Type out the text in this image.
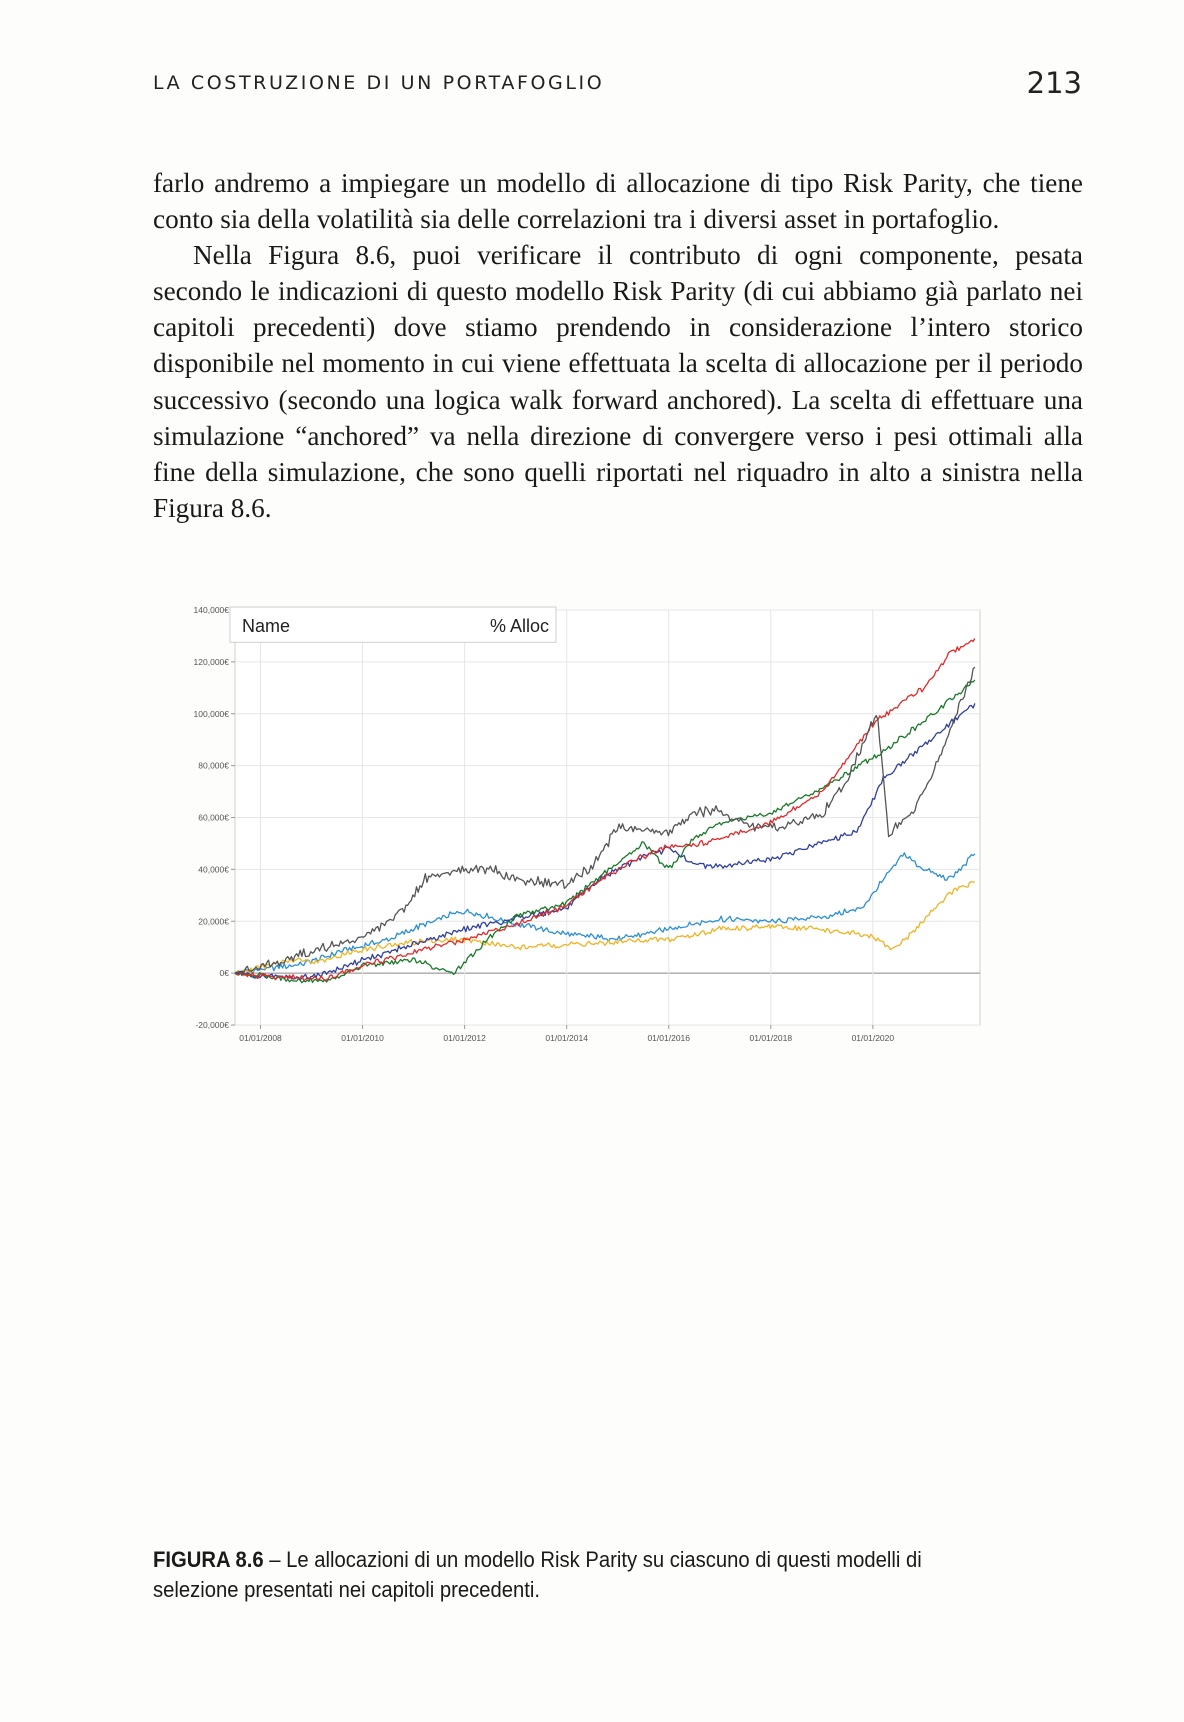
LA COSTRUZIONE DI UN PORTAFOGLIO	213

farlo andremo a impiegare un modello di allocazione di tipo Risk Parity, che tiene conto sia della volatilità sia delle correlazioni tra i diversi asset in portafoglio.

Nella Figura 8.6, puoi verificare il contributo di ogni componente, pesata secondo le indicazioni di questo modello Risk Parity (di cui abbiamo già parlato nei capitoli precedenti) dove stiamo prendendo in considerazione l’intero storico disponibile nel momento in cui viene effettuata la scelta di allocazione per il periodo successivo (secondo una logica walk forward anchored). La scelta di effettuare una simulazione “anchored” va nella direzione di convergere verso i pesi ottimali alla fine della simulazione, che sono quelli riportati nel riquadro in alto a sinistra nella Figura 8.6.

140,000€
120,000€
100,000€
80,000€
60,000€
40,000€
20,000€
0€
-20,000€
01/01/2008	01/01/2010	01/01/2012	01/01/2014	01/01/2016	01/01/2018	01/01/2020
Name	% Alloc
FIGURA 8.6 – Le allocazioni di un modello Risk Parity su ciascuno di questi modelli di selezione presentati nei capitoli precedenti.
